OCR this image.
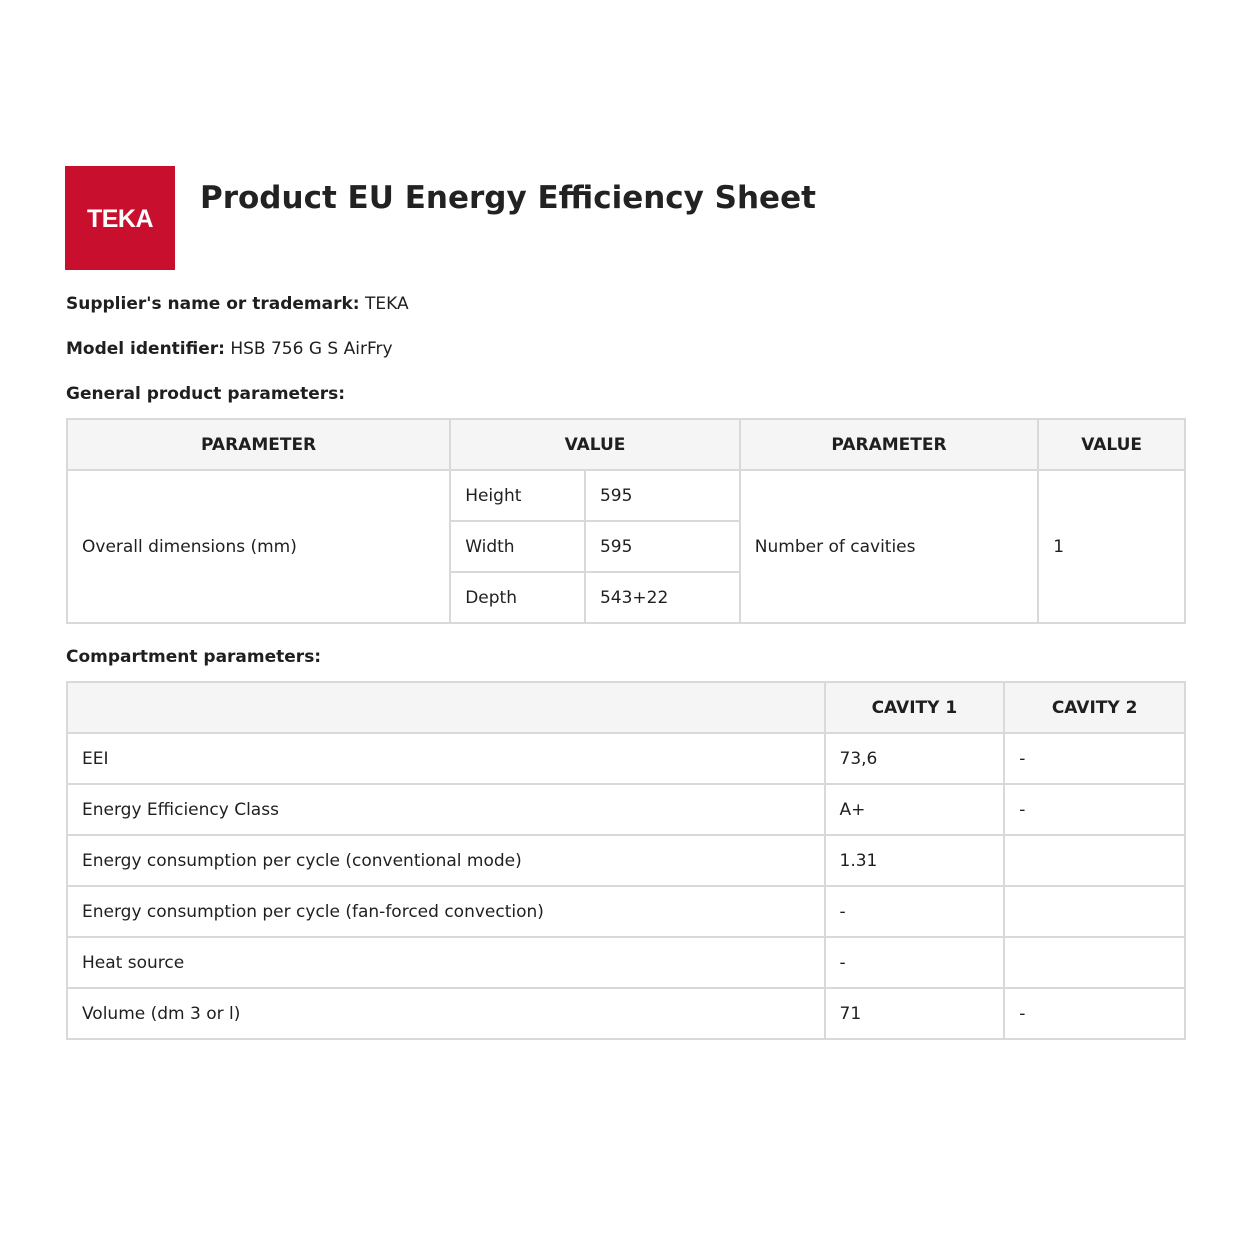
TEKA
Product EU Energy Efficiency Sheet
Supplier's name or trademark: TEKA
Model identifier: HSB 756 G S AirFry
General product parameters:
PARAMETER	VALUE		PARAMETER	VALUE
Overall dimensions (mm)	Height	595	Number of cavities	1
	Width	595		
	Depth	543+22		
Compartment parameters:
	CAVITY 1	CAVITY 2
EEI	73,6	-
Energy Efficiency Class	A+	-
Energy consumption per cycle (conventional mode)	1.31	
Energy consumption per cycle (fan-forced convection)	-	
Heat source	-	
Volume (dm 3 or l)	71	-
